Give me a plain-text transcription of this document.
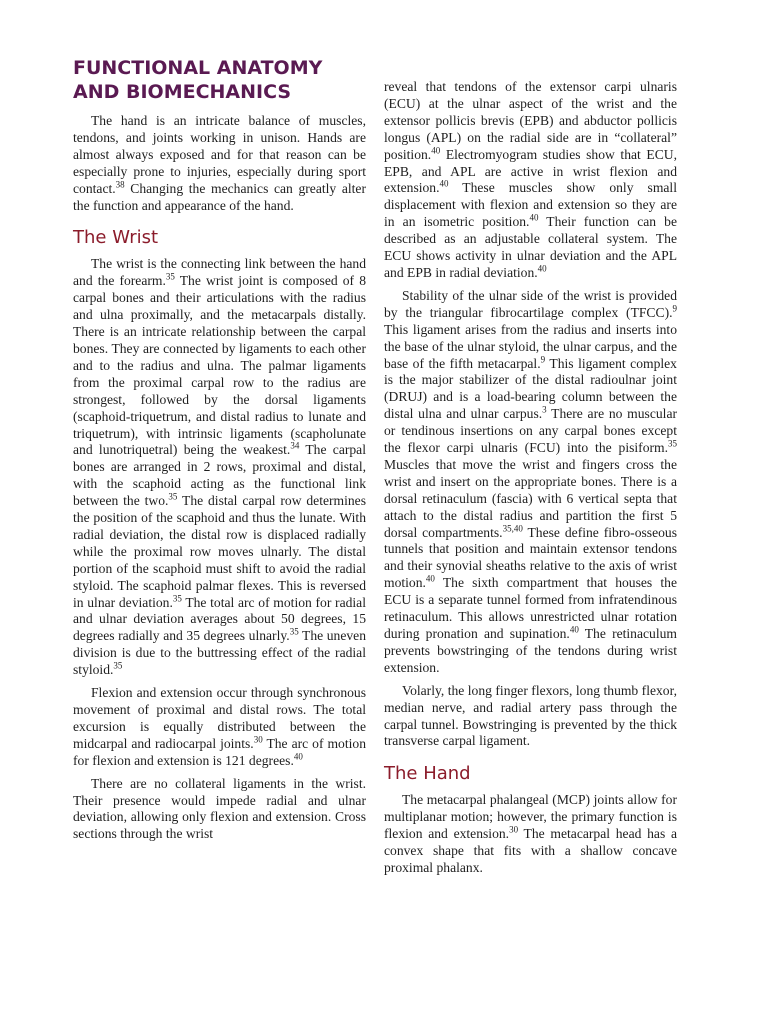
FUNCTIONAL ANATOMY AND BIOMECHANICS

The hand is an intricate balance of muscles, tendons, and joints working in unison. Hands are almost always exposed and for that reason can be especially prone to injuries, especially during sport contact.$^{38}$ Changing the mechanics can greatly alter the function and appearance of the hand.

The Wrist

The wrist is the connecting link between the hand and the forearm.$^{35}$ The wrist joint is composed of 8 carpal bones and their articulations with the radius and ulna proximally, and the metacarpals distally. There is an intricate relationship between the carpal bones. They are connected by ligaments to each other and to the radius and ulna. The palmar ligaments from the proximal carpal row to the radius are strongest, followed by the dorsal ligaments (scaphoid-triquetrum, and distal radius to lunate and triquetrum), with intrinsic ligaments (scapholunate and lunotriquetral) being the weakest.$^{34}$ The carpal bones are arranged in 2 rows, proximal and distal, with the scaphoid acting as the functional link between the two.$^{35}$ The distal carpal row determines the position of the scaphoid and thus the lunate. With radial deviation, the distal row is displaced radially while the proximal row moves ulnarly. The distal portion of the scaphoid must shift to avoid the radial styloid. The scaphoid palmar flexes. This is reversed in ulnar deviation.$^{35}$ The total arc of motion for radial and ulnar deviation averages about 50 degrees, 15 degrees radially and 35 degrees ulnarly.$^{35}$ The uneven division is due to the buttressing effect of the radial styloid.$^{35}$

Flexion and extension occur through synchronous movement of proximal and distal rows. The total excursion is equally distributed between the midcarpal and radiocarpal joints.$^{30}$ The arc of motion for flexion and extension is 121 degrees.$^{40}$

There are no collateral ligaments in the wrist. Their presence would impede radial and ulnar deviation, allowing only flexion and extension. Cross sections through the wrist

reveal that tendons of the extensor carpi ulnaris (ECU) at the ulnar aspect of the wrist and the extensor pollicis brevis (EPB) and abductor pollicis longus (APL) on the radial side are in “collateral” position.$^{40}$ Electromyogram studies show that ECU, EPB, and APL are active in wrist flexion and extension.$^{40}$ These muscles show only small displacement with flexion and extension so they are in an isometric position.$^{40}$ Their function can be described as an adjustable collateral system. The ECU shows activity in ulnar deviation and the APL and EPB in radial deviation.$^{40}$

Stability of the ulnar side of the wrist is provided by the triangular fibrocartilage complex (TFCC).$^9$ This ligament arises from the radius and inserts into the base of the ulnar styloid, the ulnar carpus, and the base of the fifth metacarpal.$^9$ This ligament complex is the major stabilizer of the distal radioulnar joint (DRUJ) and is a load-bearing column between the distal ulna and ulnar carpus.$^3$ There are no muscular or tendinous insertions on any carpal bones except the flexor carpi ulnaris (FCU) into the pisiform.$^{35}$ Muscles that move the wrist and fingers cross the wrist and insert on the appropriate bones. There is a dorsal retinaculum (fascia) with 6 vertical septa that attach to the distal radius and partition the first 5 dorsal compartments.$^{35,40}$ These define fibro-osseous tunnels that position and maintain extensor tendons and their synovial sheaths relative to the axis of wrist motion.$^{40}$ The sixth compartment that houses the ECU is a separate tunnel formed from infratendinous retinaculum. This allows unrestricted ulnar rotation during pronation and supination.$^{40}$ The retinaculum prevents bowstringing of the tendons during wrist extension.

Volarly, the long finger flexors, long thumb flexor, median nerve, and radial artery pass through the carpal tunnel. Bowstringing is prevented by the thick transverse carpal ligament.

The Hand

The metacarpal phalangeal (MCP) joints allow for multiplanar motion; however, the primary function is flexion and extension.$^{30}$ The metacarpal head has a convex shape that fits with a shallow concave proximal phalanx.
